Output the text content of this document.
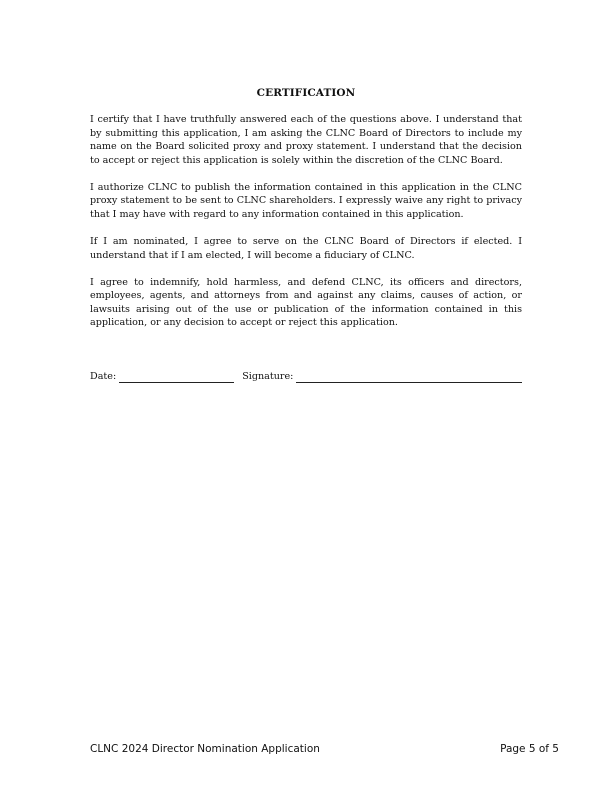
CERTIFICATION

I certify that I have truthfully answered each of the questions above. I understand that by submitting this application, I am asking the CLNC Board of Directors to include my name on the Board solicited proxy and proxy statement. I understand that the decision to accept or reject this application is solely within the discretion of the CLNC Board.

I authorize CLNC to publish the information contained in this application in the CLNC proxy statement to be sent to CLNC shareholders. I expressly waive any right to privacy that I may have with regard to any information contained in this application.

If I am nominated, I agree to serve on the CLNC Board of Directors if elected. I understand that if I am elected, I will become a fiduciary of CLNC.

I agree to indemnify, hold harmless, and defend CLNC, its officers and directors, employees, agents, and attorneys from and against any claims, causes of action, or lawsuits arising out of the use or publication of the information contained in this application, or any decision to accept or reject this application.

Date:	Signature:
CLNC 2024 Director Nomination Application	Page 5 of 5
